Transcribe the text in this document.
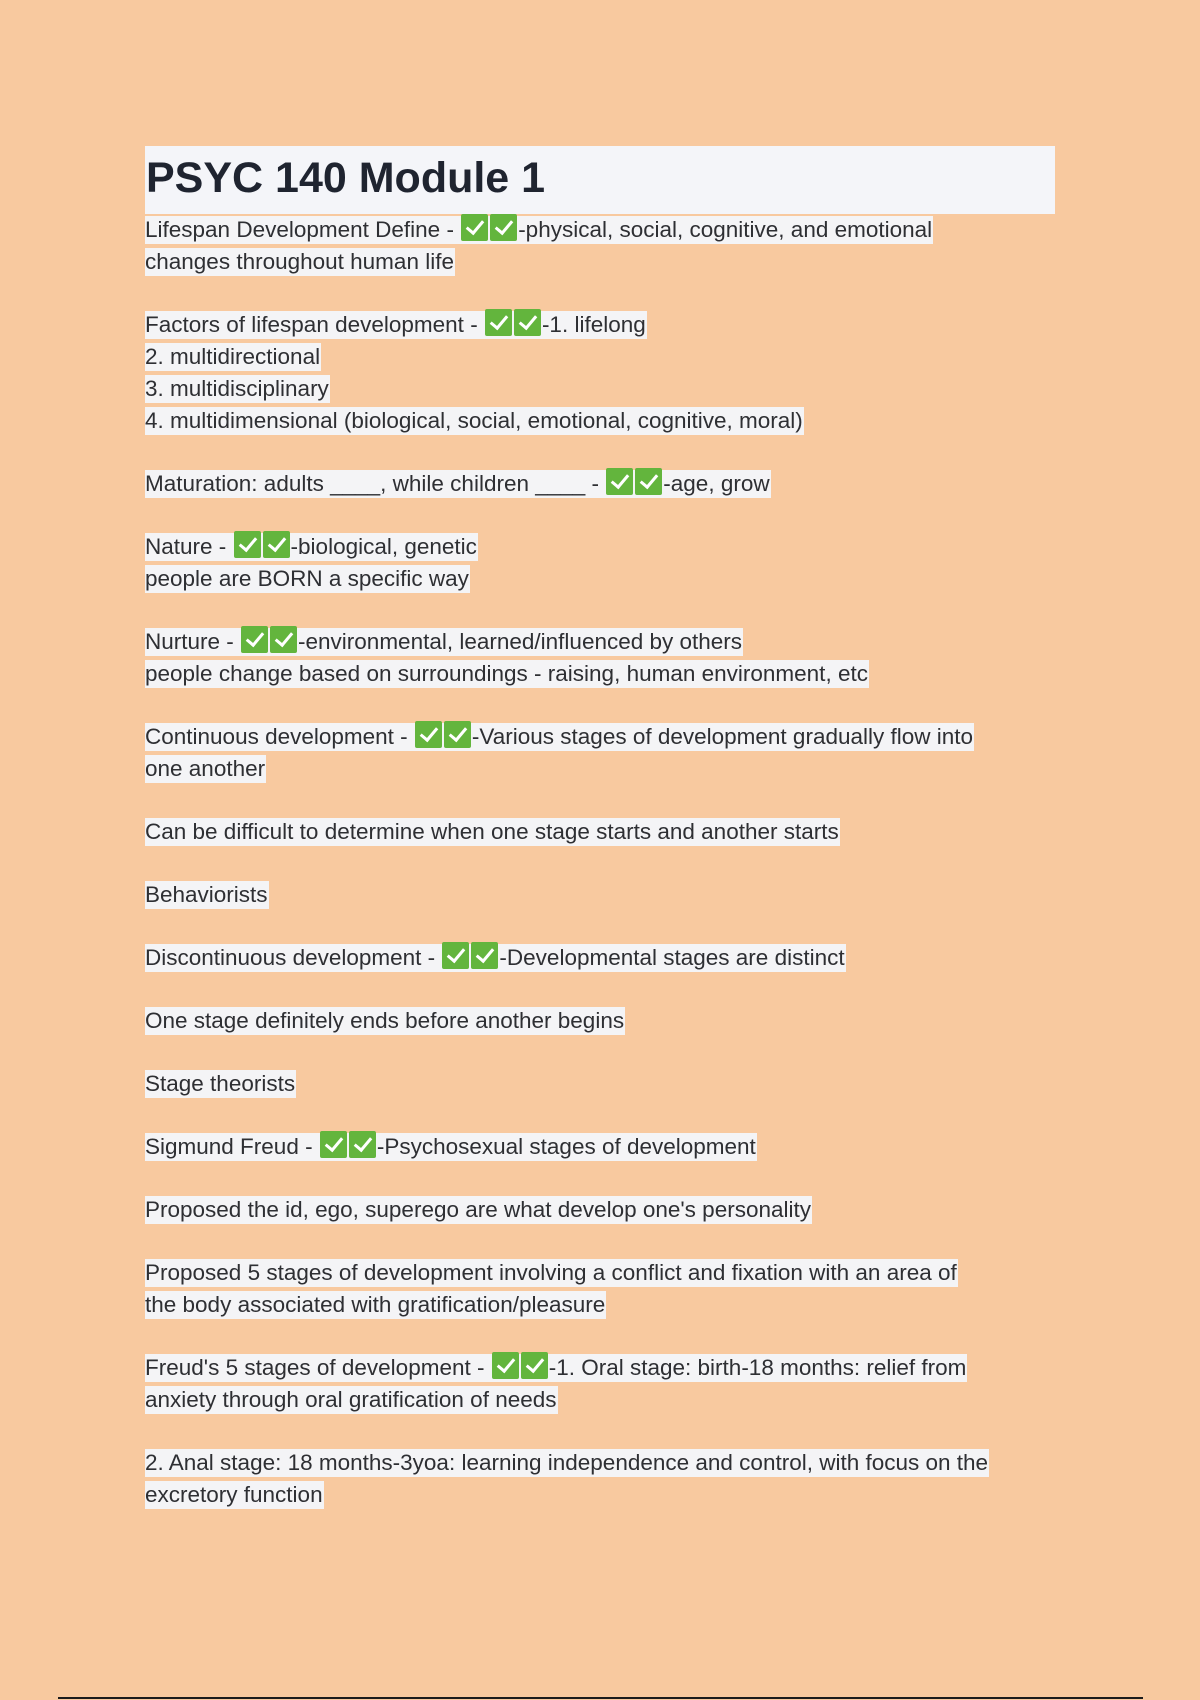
PSYC 140 Module 1
Lifespan Development Define -	-physical, social, cognitive, and emotional
changes throughout human life
Factors of lifespan development -	-1. lifelong
2. multidirectional
3. multidisciplinary
4. multidimensional (biological, social, emotional, cognitive, moral)
Maturation: adults ____, while children ____ -	-age, grow
Nature -	-biological, genetic
people are BORN a specific way
Nurture -	-environmental, learned/influenced by others
people change based on surroundings - raising, human environment, etc
Continuous development -	-Various stages of development gradually flow into
one another
Can be difficult to determine when one stage starts and another starts
Behaviorists
Discontinuous development -	-Developmental stages are distinct
One stage definitely ends before another begins
Stage theorists
Sigmund Freud -	-Psychosexual stages of development
Proposed the id, ego, superego are what develop one's personality
Proposed 5 stages of development involving a conflict and fixation with an area of
the body associated with gratification/pleasure
Freud's 5 stages of development -	-1. Oral stage: birth-18 months: relief from
anxiety through oral gratification of needs
2. Anal stage: 18 months-3yoa: learning independence and control, with focus on the
excretory function
